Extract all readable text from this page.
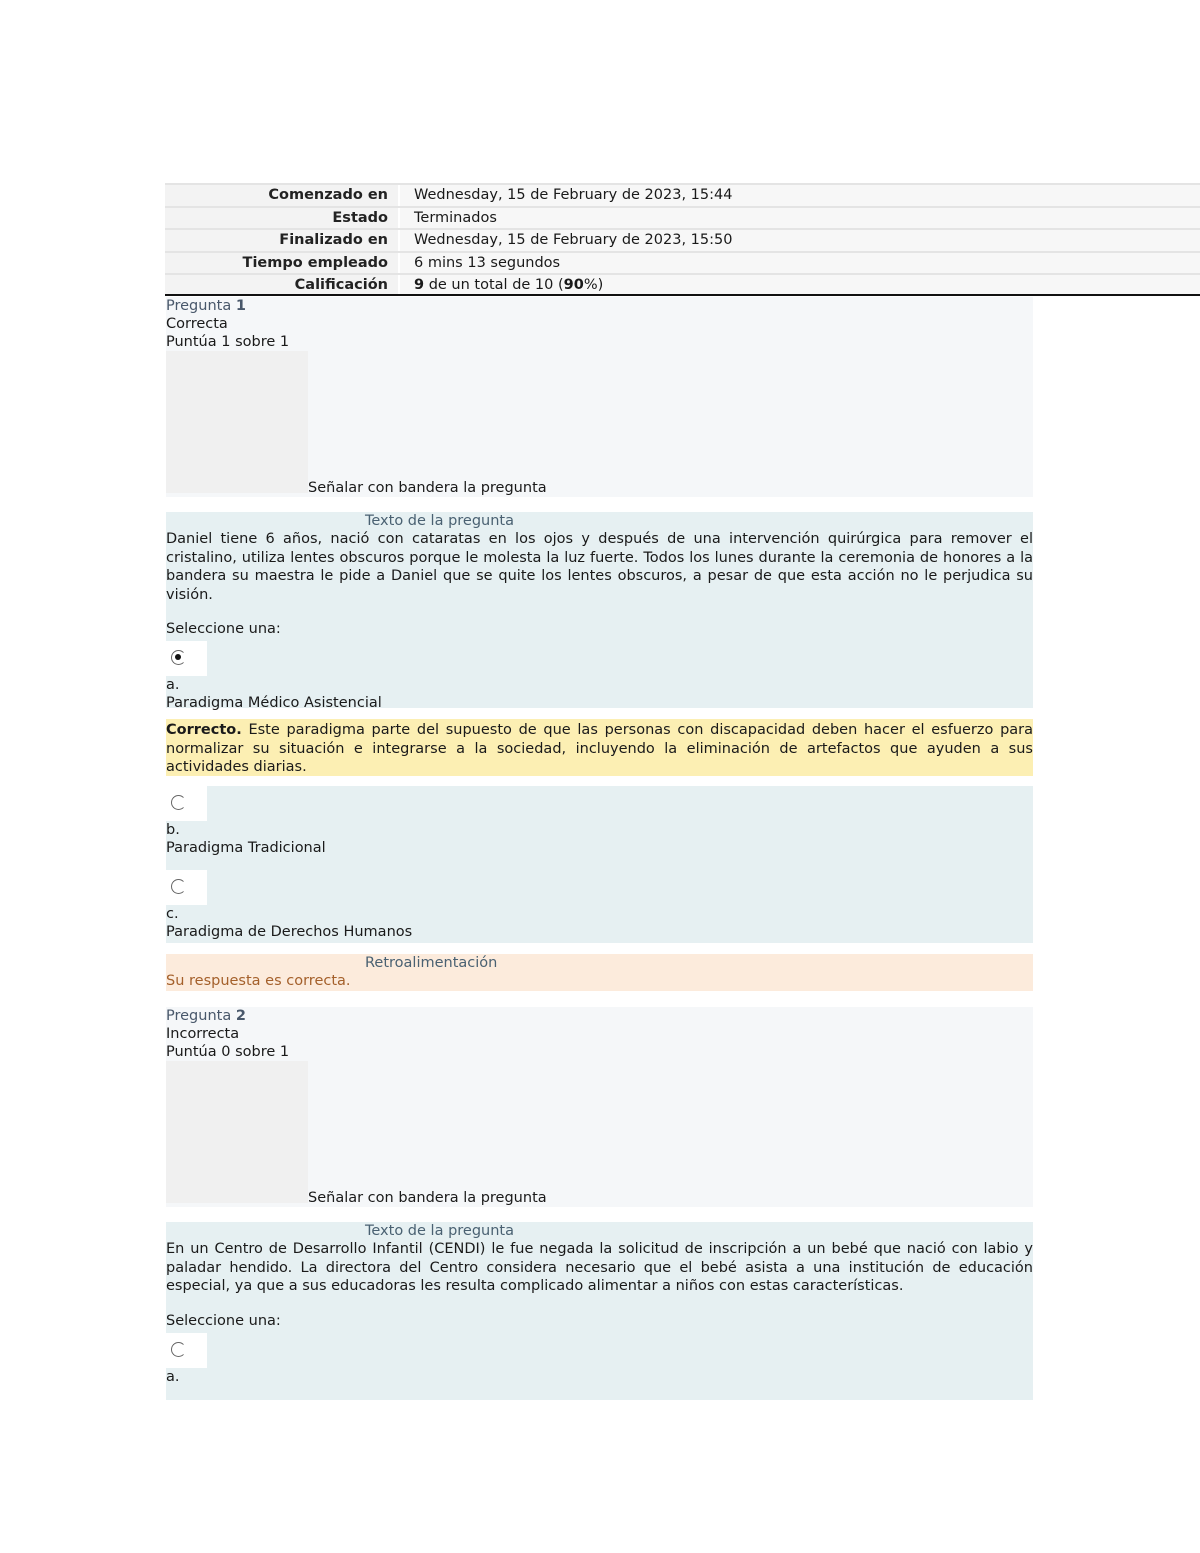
Comenzado en	Wednesday, 15 de February de 2023, 15:44
Estado	Terminados
Finalizado en	Wednesday, 15 de February de 2023, 15:50
Tiempo empleado	6 mins 13 segundos
Calificación	9 de un total de 10 (90%)
Pregunta 1
Correcta
Puntúa 1 sobre 1
Señalar con bandera la pregunta
Texto de la pregunta
Daniel tiene 6 años, nació con cataratas en los ojos y después de una intervención quirúrgica para remover el cristalino, utiliza lentes obscuros porque le molesta la luz fuerte. Todos los lunes durante la ceremonia de honores a la bandera su maestra le pide a Daniel que se quite los lentes obscuros, a pesar de que esta acción no le perjudica su visión.
Seleccione una:
a.
Paradigma Médico Asistencial
Correcto. Este paradigma parte del supuesto de que las personas con discapacidad deben hacer el esfuerzo para normalizar su situación e integrarse a la sociedad, incluyendo la eliminación de artefactos que ayuden a sus actividades diarias.
b.
Paradigma Tradicional
c.
Paradigma de Derechos Humanos
Retroalimentación
Su respuesta es correcta.
Pregunta 2
Incorrecta
Puntúa 0 sobre 1
Señalar con bandera la pregunta
Texto de la pregunta
En un Centro de Desarrollo Infantil (CENDI) le fue negada la solicitud de inscripción a un bebé que nació con labio y paladar hendido. La directora del Centro considera necesario que el bebé asista a una institución de educación especial, ya que a sus educadoras les resulta complicado alimentar a niños con estas características.
Seleccione una:
a.
